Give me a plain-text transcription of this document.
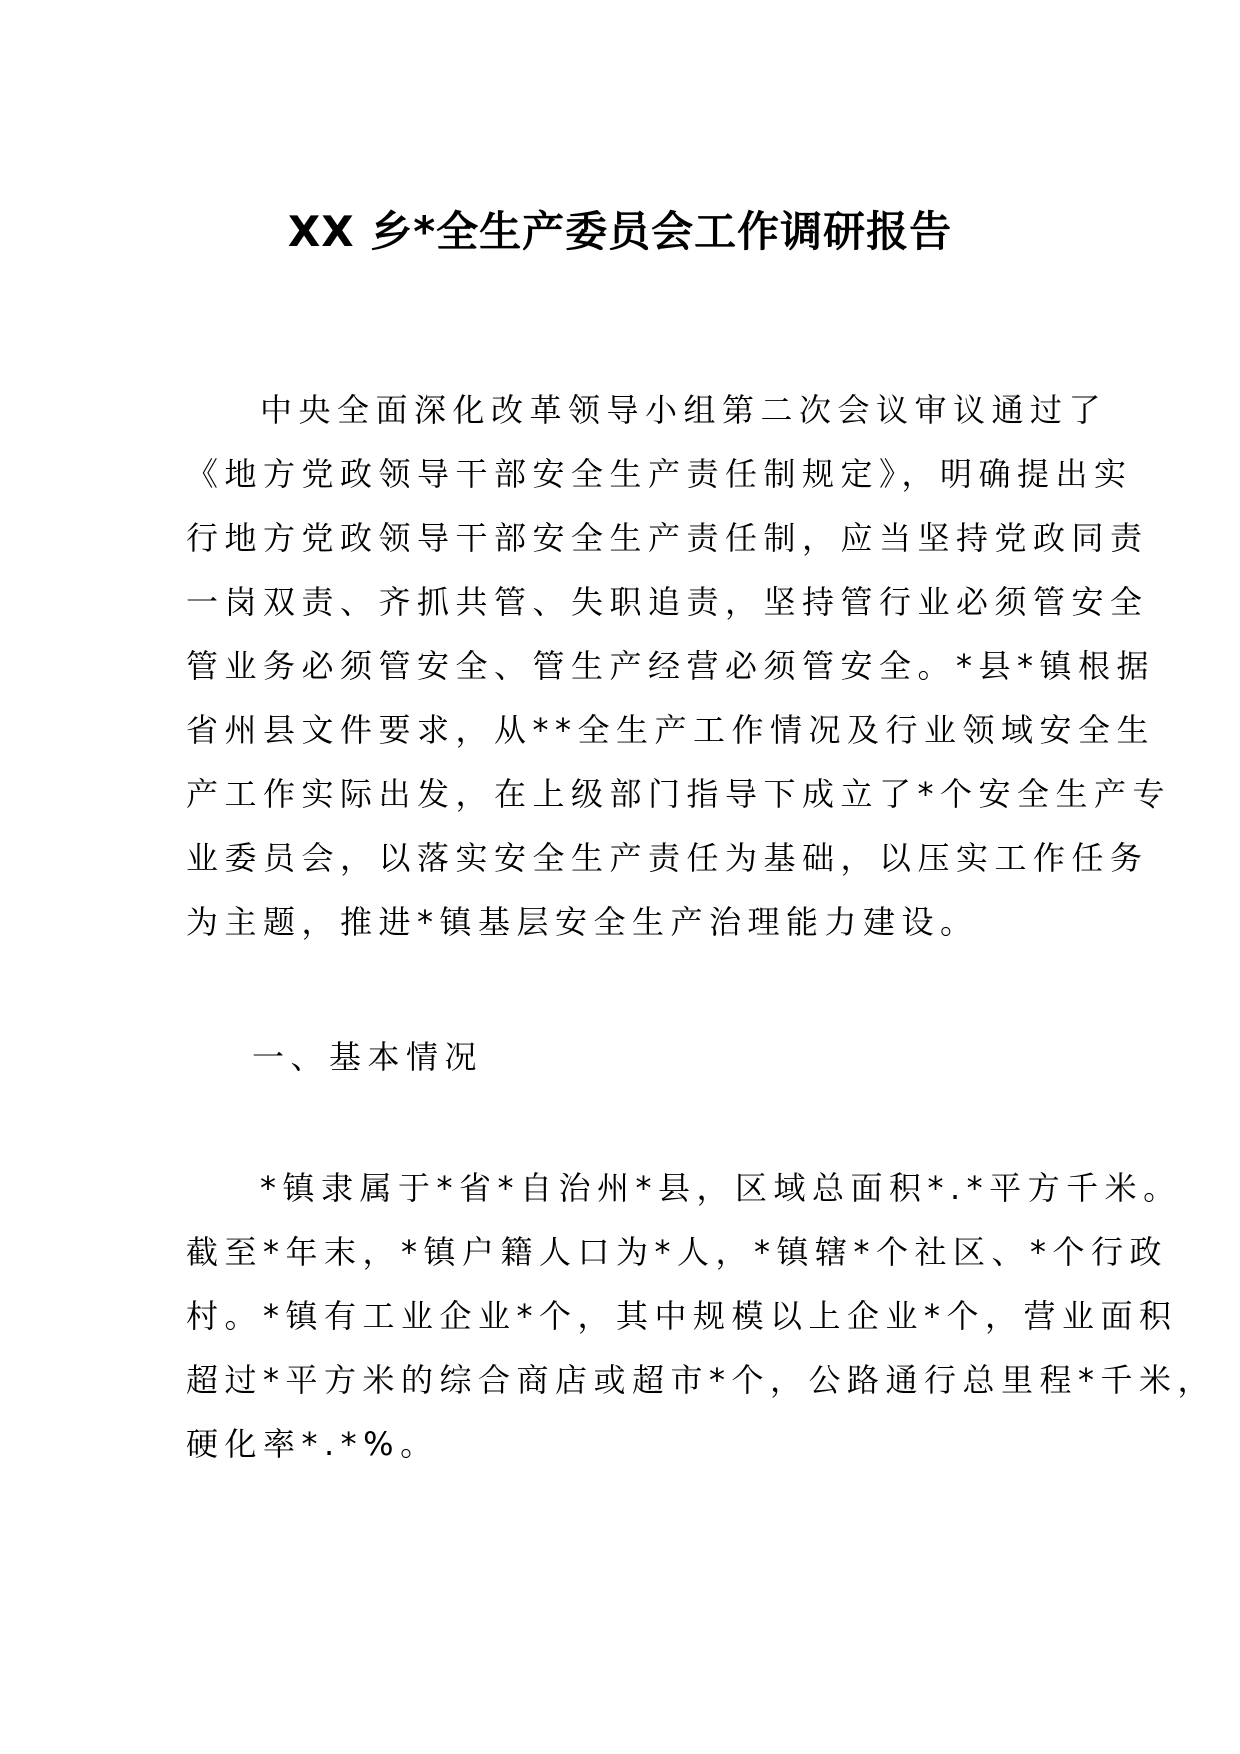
XX 乡*全生产委员会工作调研报告
中央全面深化改革领导小组第二次会议审议通过了
《地方党政领导干部安全生产责任制规定》，明确提出实
行地方党政领导干部安全生产责任制，应当坚持党政同责
一岗双责、齐抓共管、失职追责，坚持管行业必须管安全
管业务必须管安全、管生产经营必须管安全。*县*镇根据
省州县文件要求，从**全生产工作情况及行业领域安全生
产工作实际出发，在上级部门指导下成立了*个安全生产专
业委员会，以落实安全生产责任为基础，以压实工作任务
为主题，推进*镇基层安全生产治理能力建设。
一、基本情况
*镇隶属于*省*自治州*县，区域总面积*.*平方千米。
截至*年末，*镇户籍人口为*人，*镇辖*个社区、*个行政
村。*镇有工业企业*个，其中规模以上企业*个，营业面积
超过*平方米的综合商店或超市*个，公路通行总里程*千米，
硬化率*.*%。
